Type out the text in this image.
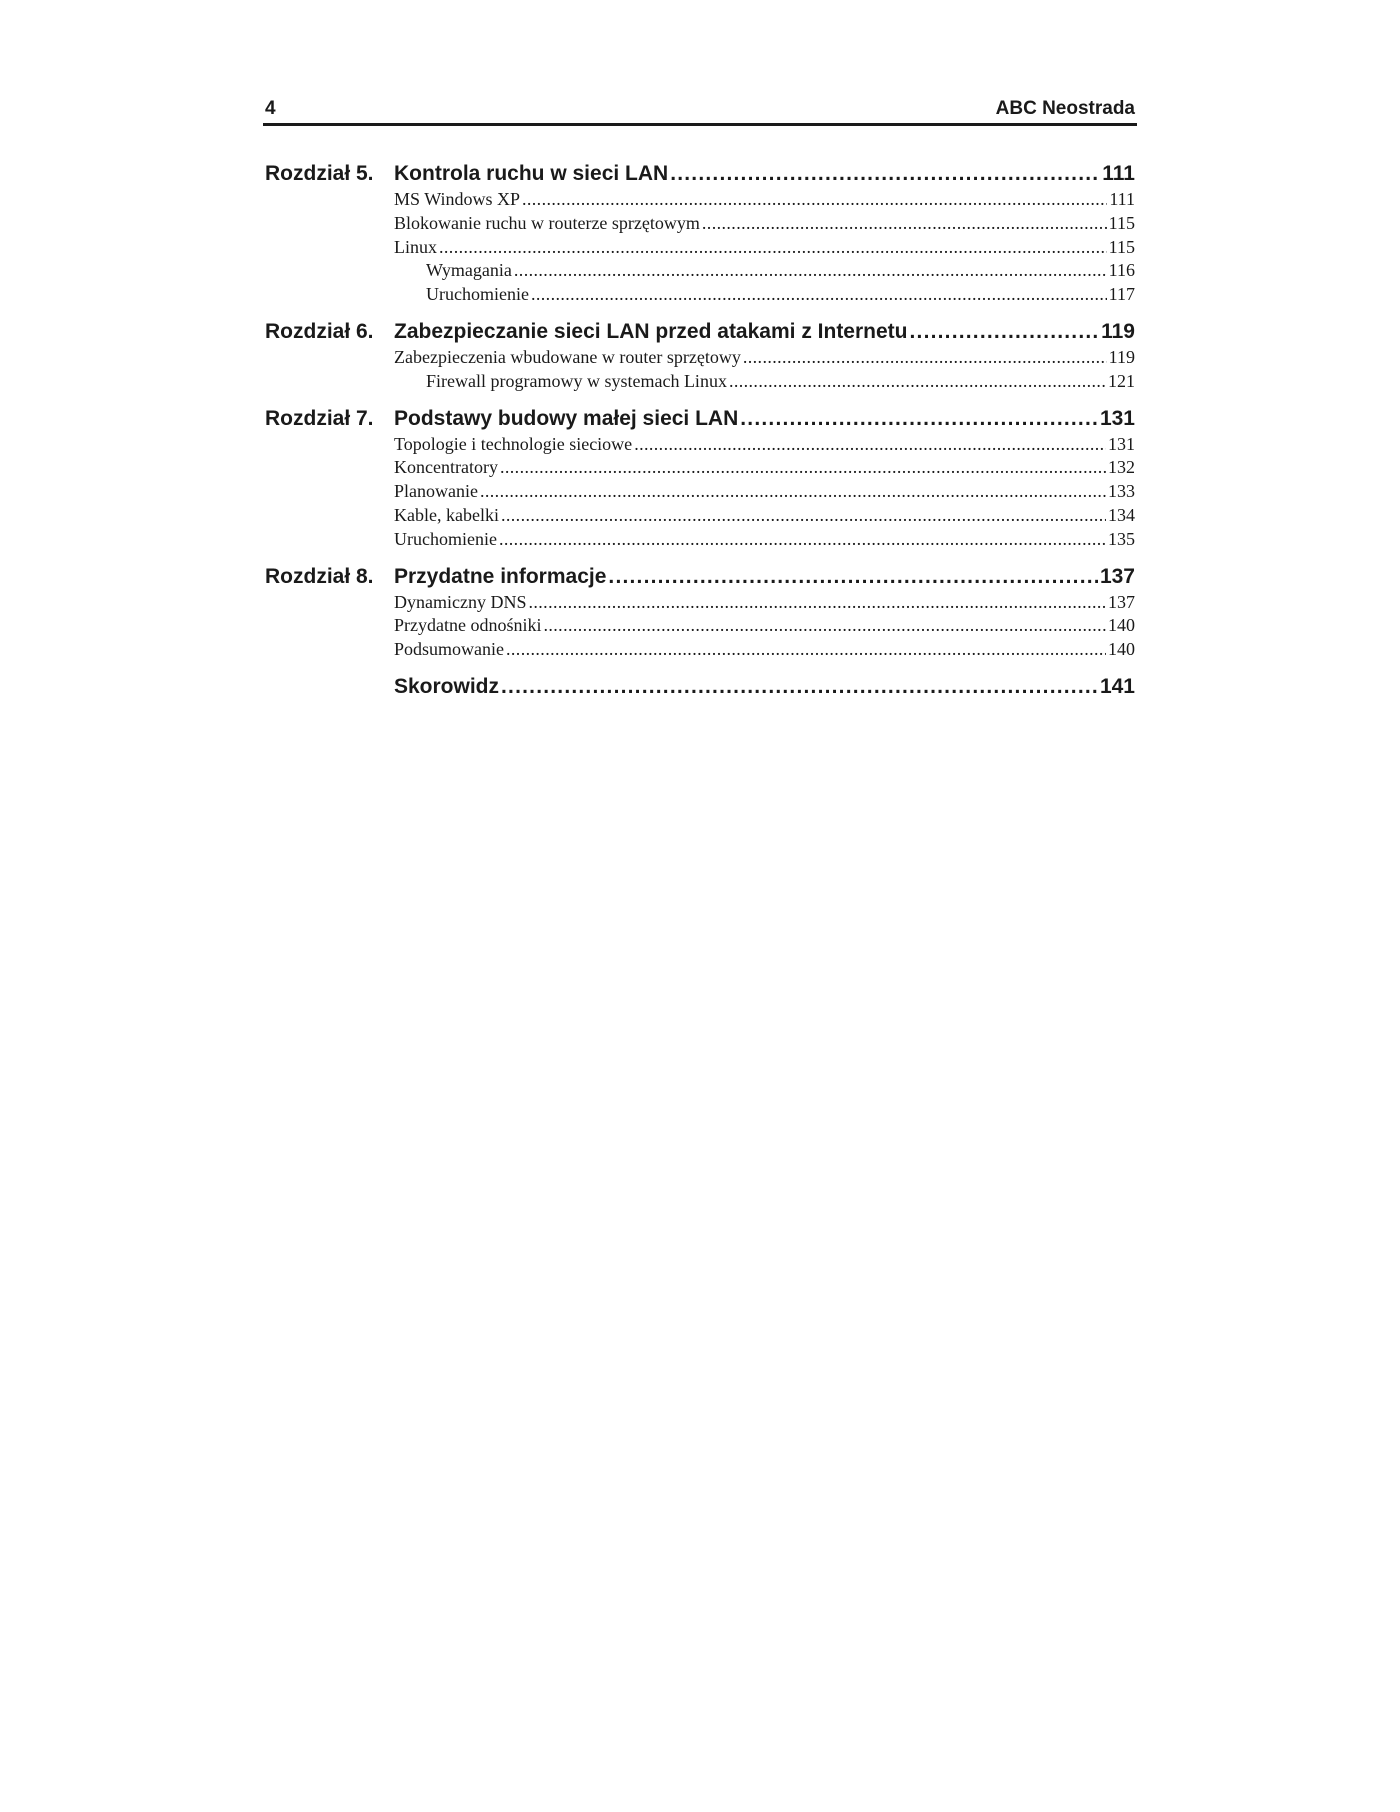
4	ABC Neostrada
Rozdział 5. Kontrola ruchu w sieci LAN .....	111
MS Windows XP .....	111
Blokowanie ruchu w routerze sprzętowym .....	115
Linux .....	115
Wymagania .....	116
Uruchomienie .....	117
Rozdział 6. Zabezpieczanie sieci LAN przed atakami z Internetu .....	119
Zabezpieczenia wbudowane w router sprzętowy .....	119
Firewall programowy w systemach Linux .....	121
Rozdział 7. Podstawy budowy małej sieci LAN .....	131
Topologie i technologie sieciowe .....	131
Koncentratory .....	132
Planowanie .....	133
Kable, kabelki .....	134
Uruchomienie .....	135
Rozdział 8. Przydatne informacje .....	137
Dynamiczny DNS .....	137
Przydatne odnośniki .....	140
Podsumowanie .....	140
Skorowidz .....	141
